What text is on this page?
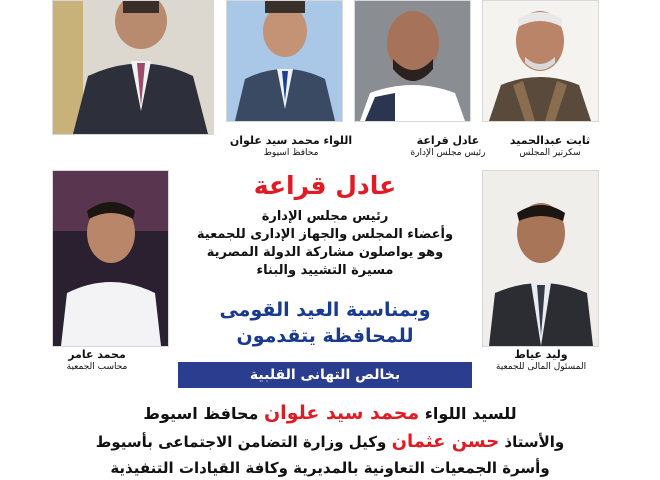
اللواء محمد سيد علوان
محافظ اسيوط
عادل قراعة
رئيس مجلس الإدارة
ثابت عبدالحميد
سكرتير المجلس
محمد عامر
محاسب الجمعية
وليد عياط
المسئول المالى للجمعية
عادل قراعة
رئيس مجلس الإدارة
وأعضاء المجلس والجهاز الإدارى للجمعية
وهو يواصلون مشاركة الدولة المصرية
مسيرة التشييد والبناء
وبمناسبة العيد القومى
للمحافظة يتقدمون
بخالص التهانى القلبية
للسيد اللواء محمد سيد علوان محافظ اسيوط
والأستاذ حسن عثمان وكيل وزارة التضامن الاجتماعى بأسيوط
وأسرة الجمعيات التعاونية بالمديرية وكافة القيادات التنفيذية
